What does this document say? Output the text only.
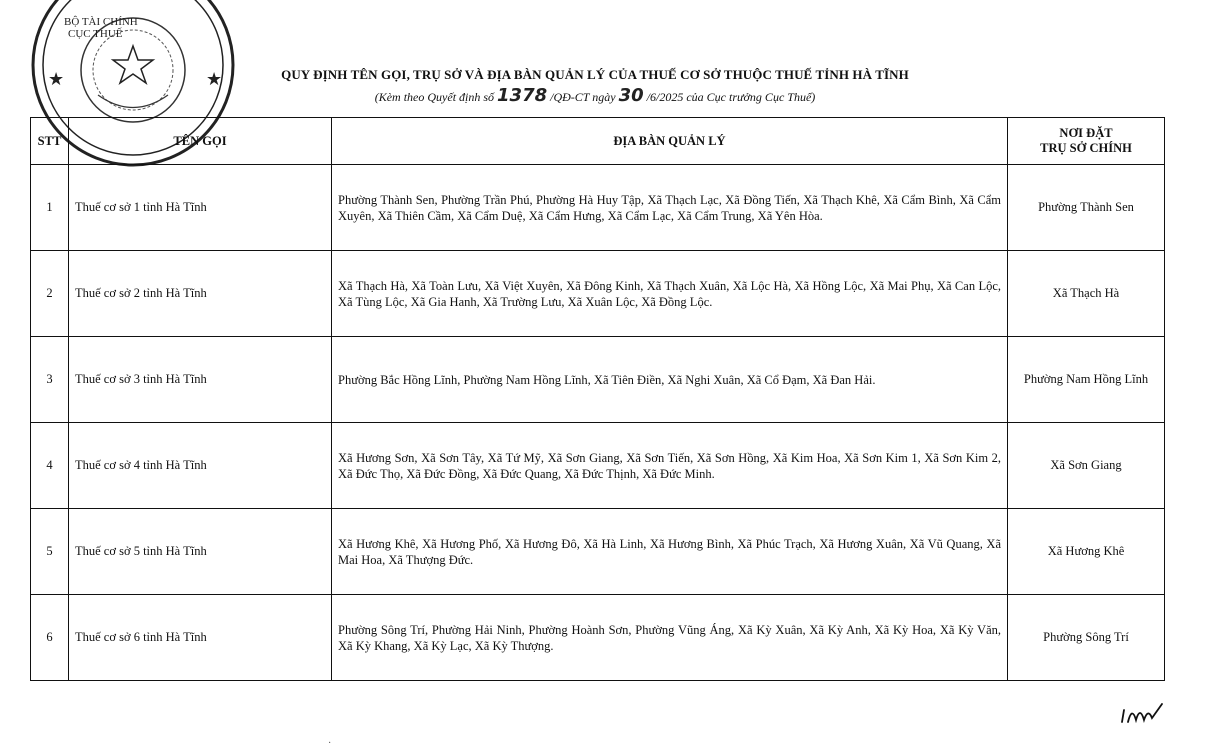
★	★
BỘ TÀI CHÍNH
CỤC THUẾ
QUY ĐỊNH TÊN GỌI, TRỤ SỞ VÀ ĐỊA BÀN QUẢN LÝ CỦA THUẾ CƠ SỞ THUỘC THUẾ TỈNH HÀ TĨNH
(Kèm theo Quyết định số 1378 /QĐ-CT ngày 30 /6/2025 của Cục trưởng Cục Thuế)
STT	TÊN GỌI	ĐỊA BÀN QUẢN LÝ	NƠI ĐẶT
TRỤ SỞ CHÍNH

1	Thuế cơ sở 1 tỉnh Hà Tĩnh	Phường Thành Sen, Phường Trần Phú, Phường Hà Huy Tập, Xã Thạch Lạc, Xã Đồng Tiến, Xã Thạch Khê, Xã Cẩm Bình, Xã Cẩm Xuyên, Xã Thiên Cầm, Xã Cẩm Duệ, Xã Cẩm Hưng, Xã Cẩm Lạc, Xã Cẩm Trung, Xã Yên Hòa.	Phường Thành Sen
2	Thuế cơ sở 2 tỉnh Hà Tĩnh	Xã Thạch Hà, Xã Toàn Lưu, Xã Việt Xuyên, Xã Đông Kinh, Xã Thạch Xuân, Xã Lộc Hà, Xã Hồng Lộc, Xã Mai Phụ, Xã Can Lộc, Xã Tùng Lộc, Xã Gia Hanh, Xã Trường Lưu, Xã Xuân Lộc, Xã Đồng Lộc.	Xã Thạch Hà
3	Thuế cơ sở 3 tỉnh Hà Tĩnh	Phường Bắc Hồng Lĩnh, Phường Nam Hồng Lĩnh, Xã Tiên Điền, Xã Nghi Xuân, Xã Cổ Đạm, Xã Đan Hải.	Phường Nam Hồng Lĩnh
4	Thuế cơ sở 4 tỉnh Hà Tĩnh	Xã Hương Sơn, Xã Sơn Tây, Xã Tứ Mỹ, Xã Sơn Giang, Xã Sơn Tiến, Xã Sơn Hồng, Xã Kim Hoa, Xã Sơn Kim 1, Xã Sơn Kim 2, Xã Đức Thọ, Xã Đức Đồng, Xã Đức Quang, Xã Đức Thịnh, Xã Đức Minh.	Xã Sơn Giang
5	Thuế cơ sở 5 tỉnh Hà Tĩnh	Xã Hương Khê, Xã Hương Phố, Xã Hương Đô, Xã Hà Linh, Xã Hương Bình, Xã Phúc Trạch, Xã Hương Xuân, Xã Vũ Quang, Xã Mai Hoa, Xã Thượng Đức.	Xã Hương Khê
6	Thuế cơ sở 6 tỉnh Hà Tĩnh	Phường Sông Trí, Phường Hải Ninh, Phường Hoành Sơn, Phường Vũng Áng, Xã Kỳ Xuân, Xã Kỳ Anh, Xã Kỳ Hoa, Xã Kỳ Văn, Xã Kỳ Khang, Xã Kỳ Lạc, Xã Kỳ Thượng.	Phường Sông Trí
·
